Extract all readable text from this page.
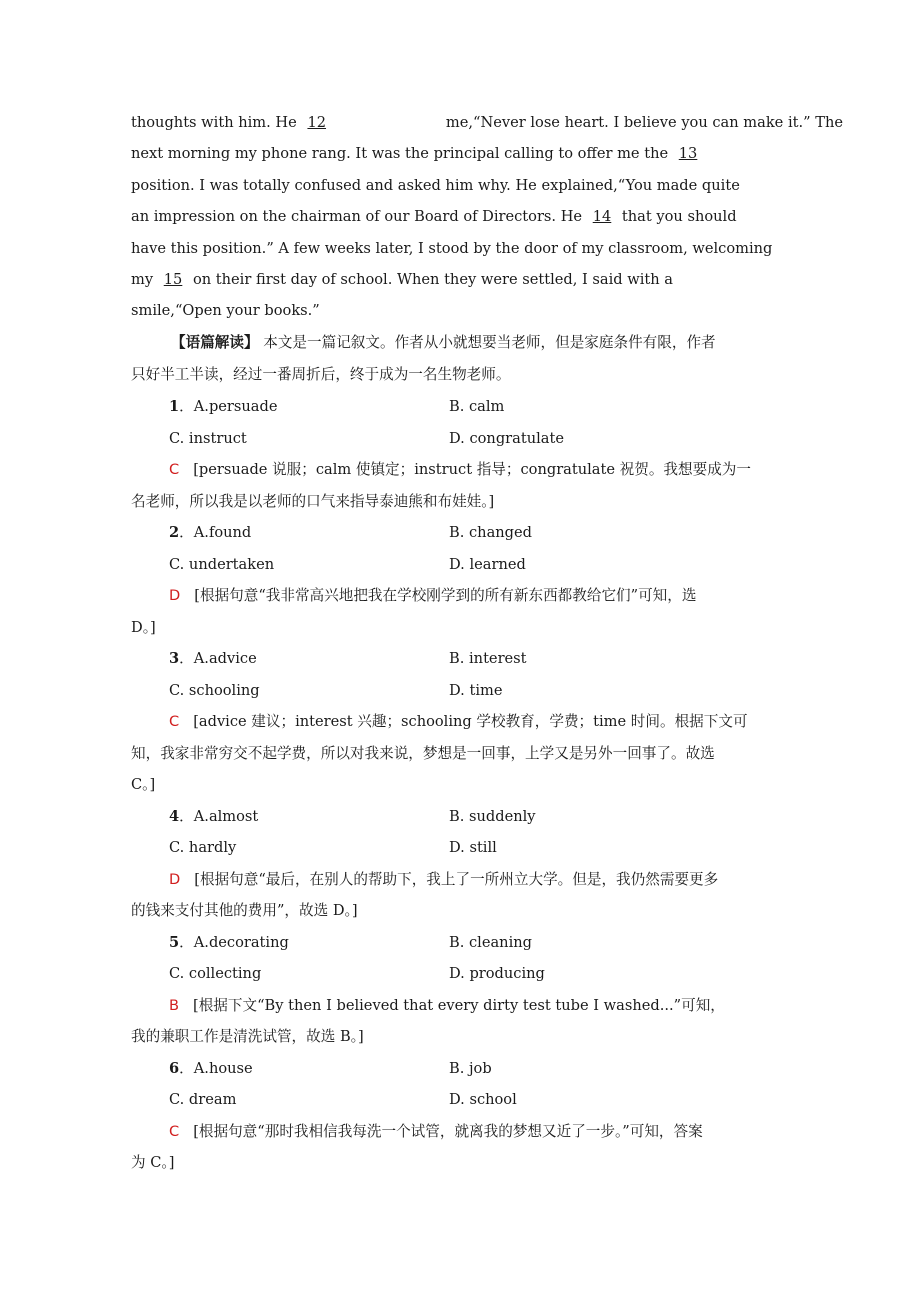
thoughts with him. He 12	me,“Never lose heart. I believe you can make it.” The
next morning my phone rang. It was the principal calling to offer me the 13
position. I was totally confused and asked him why. He explained,“You made quite
an impression on the chairman of our Board of Directors. He 14 that you should
have this position.” A few weeks later, I stood by the door of my classroom, welcoming
my 15 on their first day of school. When they were settled, I said with a
smile,“Open your books.”
【语篇解读】 本文是一篇记叙文。作者从小就想要当老师，但是家庭条件有限，作者
只好半工半读，经过一番周折后，终于成为一名生物老师。
1．A.persuade	B. calm
C. instruct	D. congratulate
C [persuade 说服；calm 使镇定；instruct 指导；congratulate 祝贺。我想要成为一
名老师，所以我是以老师的口气来指导泰迪熊和布娃娃。]
2．A.found	B. changed
C. undertaken	D. learned
D [根据句意“我非常高兴地把我在学校刚学到的所有新东西都教给它们”可知，选
D。]
3．A.advice	B. interest
C. schooling	D. time
C [advice 建议；interest 兴趣；schooling 学校教育，学费；time 时间。根据下文可
知，我家非常穷交不起学费，所以对我来说，梦想是一回事，上学又是另外一回事了。故选
C。]
4．A.almost	B. suddenly
C. hardly	D. still
D [根据句意“最后，在别人的帮助下，我上了一所州立大学。但是，我仍然需要更多
的钱来支付其他的费用”，故选 D。]
5．A.decorating	B. cleaning
C. collecting	D. producing
B [根据下文“By then I believed that every dirty test tube I washed...”可知，
我的兼职工作是清洗试管，故选 B。]
6．A.house	B. job
C. dream	D. school
C [根据句意“那时我相信我每洗一个试管，就离我的梦想又近了一步。”可知，答案
为 C。]
